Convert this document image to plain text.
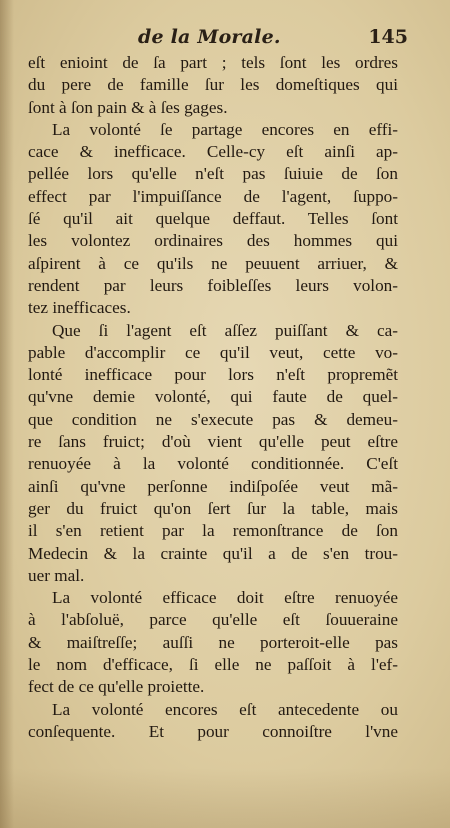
de la Morale.	145
eſt enioint de ſa part ; tels ſont les ordres
du pere de famille ſur les domeſtiques qui
ſont à ſon pain & à ſes gages.
La volonté ſe partage encores en effi-
cace & inefficace. Celle-cy eſt ainſi ap-
pellée lors qu'elle n'eſt pas ſuiuie de ſon
effect par l'impuiſſance de l'agent, ſuppo-
ſé qu'il ait quelque deffaut. Telles ſont
les volontez ordinaires des hommes qui
aſpirent à ce qu'ils ne peuuent arriuer, &
rendent par leurs foibleſſes leurs volon-
tez inefficaces.
Que ſi l'agent eſt aſſez puiſſant & ca-
pable d'accomplir ce qu'il veut, cette vo-
lonté inefficace pour lors n'eſt propremẽt
qu'vne demie volonté, qui faute de quel-
que condition ne s'execute pas & demeu-
re ſans fruict; d'où vient qu'elle peut eſtre
renuoyée à la volonté conditionnée. C'eſt
ainſi qu'vne perſonne indiſpoſée veut mã-
ger du fruict qu'on ſert ſur la table, mais
il s'en retient par la remonſtrance de ſon
Medecin & la crainte qu'il a de s'en trou-
uer mal.
La volonté efficace doit eſtre renuoyée
à l'abſoluë, parce qu'elle eſt ſouueraine
& maiſtreſſe; auſſi ne porteroit-elle pas
le nom d'efficace, ſi elle ne paſſoit à l'ef-
fect de ce qu'elle proiette.
La volonté encores eſt antecedente ou
conſequente. Et pour connoiſtre l'vne
